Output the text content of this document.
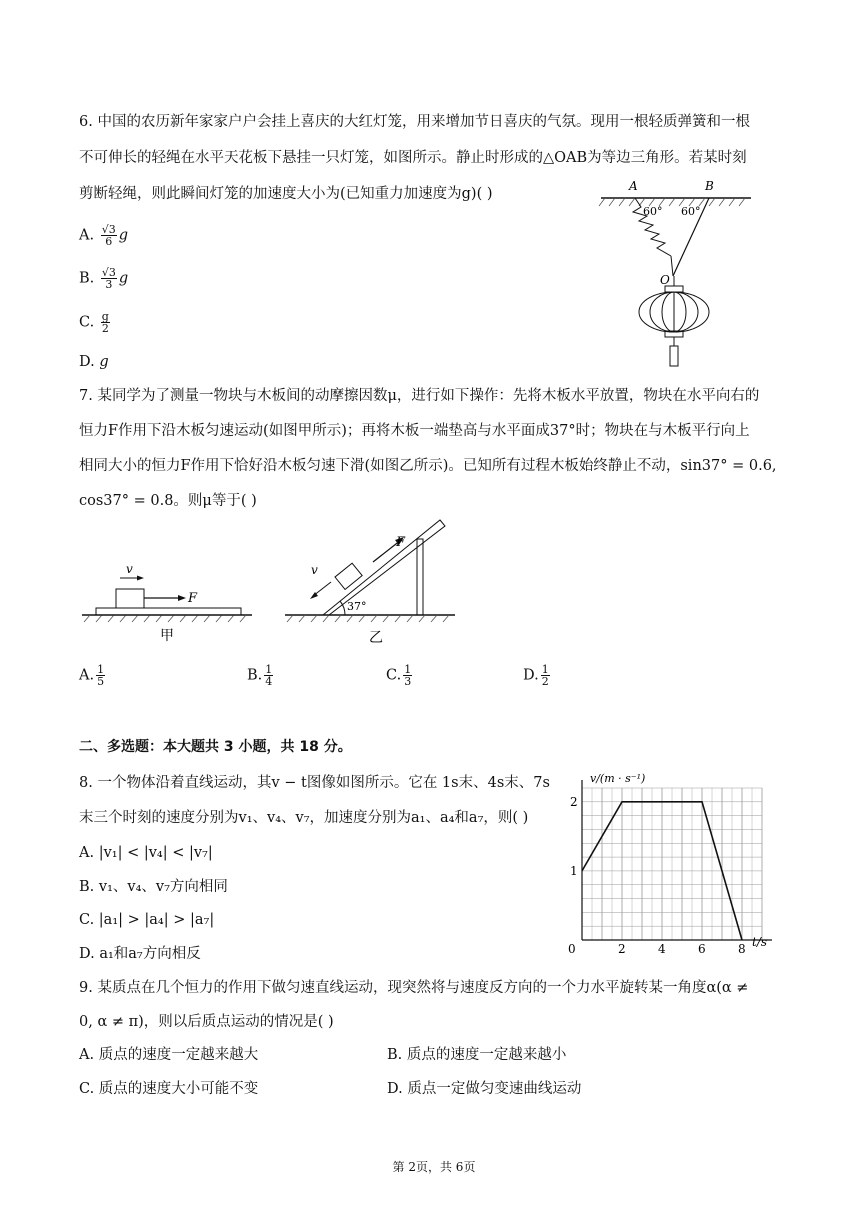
6. 中国的农历新年家家户户会挂上喜庆的大红灯笼，用来增加节日喜庆的气氛。现用一根轻质弹簧和一根
不可伸长的轻绳在水平天花板下悬挂一只灯笼，如图所示。静止时形成的△OAB为等边三角形。若某时刻
剪断轻绳，则此瞬间灯笼的加速度大小为(已知重力加速度为g)( )
A. $\frac{√3}{6}$ g
B. $\frac{√3}{3}$ g
C. $\frac{g}{2}$
D. g
A	B
60° 60°
O
7. 某同学为了测量一物块与木板间的动摩擦因数μ，进行如下操作：先将木板水平放置，物块在水平向右的
恒力F作用下沿木板匀速运动(如图甲所示)；再将木板一端垫高与水平面成37°时；物块在与木板平行向上
相同大小的恒力F作用下恰好沿木板匀速下滑(如图乙所示)。已知所有过程木板始终静止不动，sin37° = 0.6,
cos37° = 0.8。则μ等于( )
F
v
甲
F
v
37°
乙
A. $\frac{1}{5}$	B. $\frac{1}{4}$	C. $\frac{1}{3}$	D. $\frac{1}{2}$
二、多选题：本大题共 3 小题，共 18 分。
8. 一个物体沿着直线运动，其v − t图像如图所示。它在 1s末、4s末、7s
末三个时刻的速度分别为v₁、v₄、v₇，加速度分别为a₁、a₄和a₇，则( )
A. |v₁| < |v₄| < |v₇|
B. v₁、v₄、v₇方向相同
C. |a₁| > |a₄| > |a₇|
D. a₁和a₇方向相反	0	2	4	6	8
1
2
v/(m · s⁻¹)
t/s
9. 某质点在几个恒力的作用下做匀速直线运动，现突然将与速度反方向的一个力水平旋转某一角度α(α ≠
0, α ≠ π)，则以后质点运动的情况是( )
A. 质点的速度一定越来越大	B. 质点的速度一定越来越小
C. 质点的速度大小可能不变	D. 质点一定做匀变速曲线运动
第 2页，共 6页
